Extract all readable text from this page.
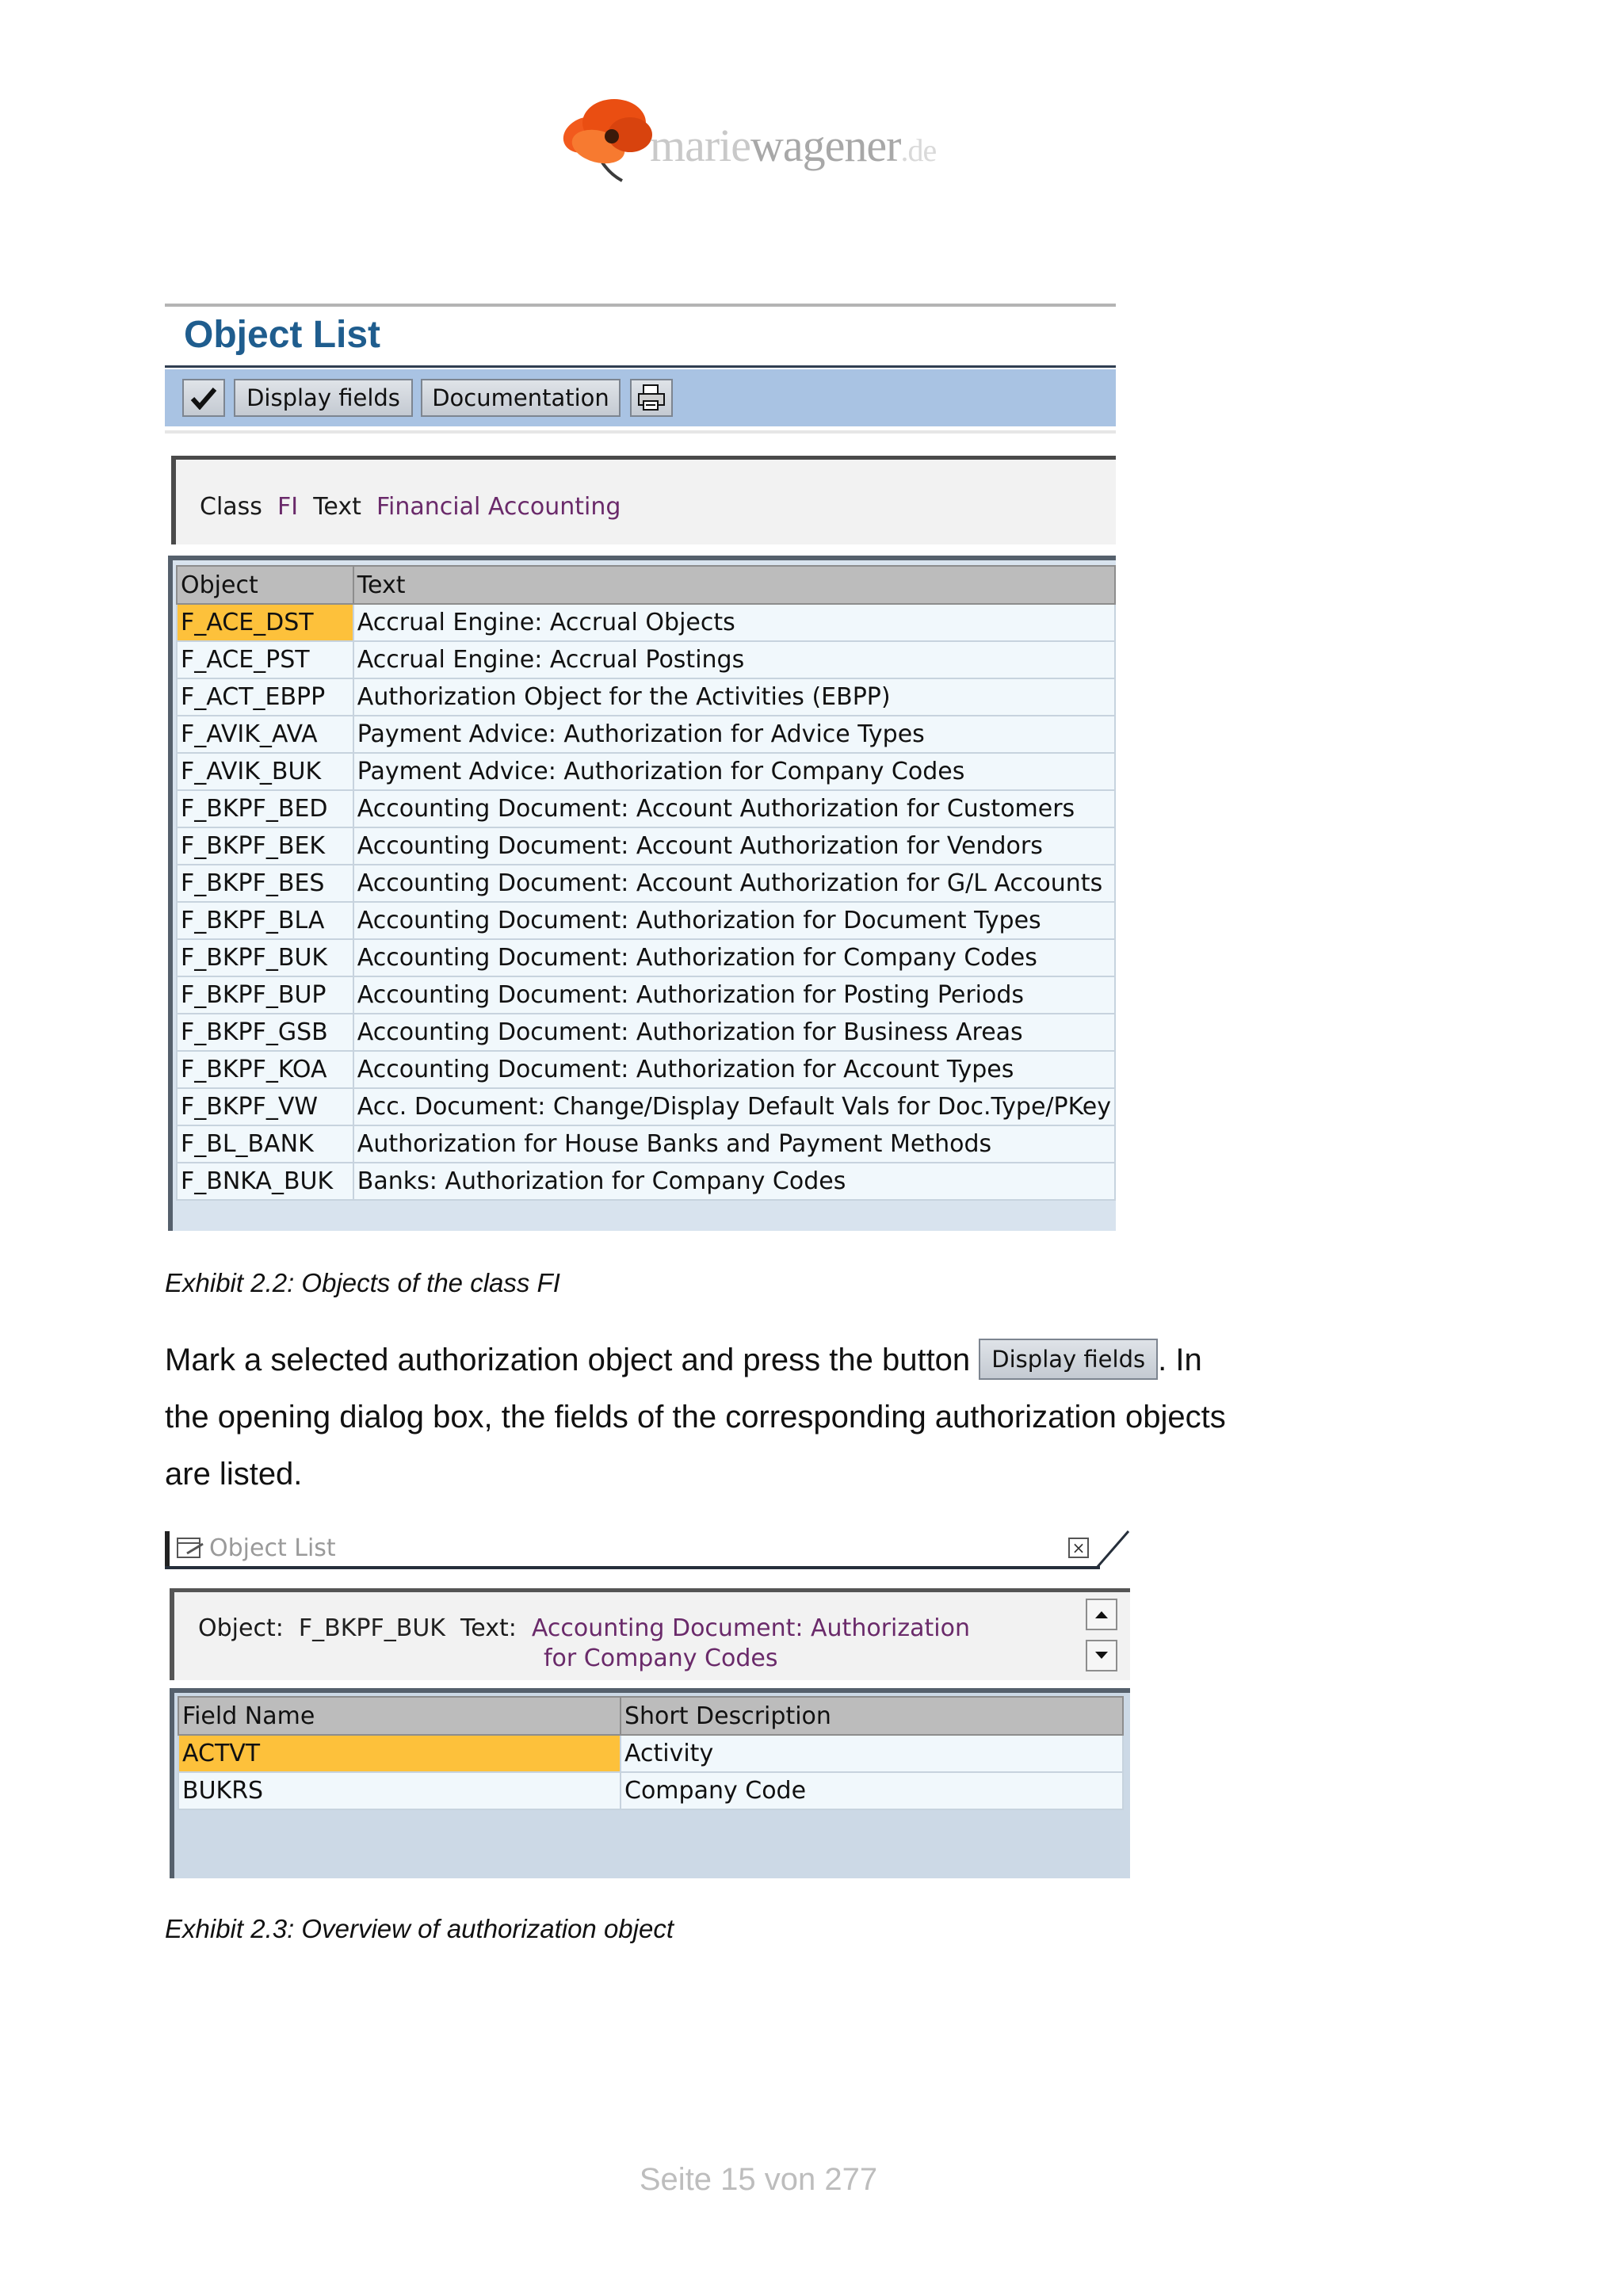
mariewagener.de
Object List
Display fields	Documentation
Class FI Text Financial Accounting
Object	Text
F_ACE_DST	Accrual Engine: Accrual Objects
F_ACE_PST	Accrual Engine: Accrual Postings
F_ACT_EBPP	Authorization Object for the Activities (EBPP)
F_AVIK_AVA	Payment Advice: Authorization for Advice Types
F_AVIK_BUK	Payment Advice: Authorization for Company Codes
F_BKPF_BED	Accounting Document: Account Authorization for Customers
F_BKPF_BEK	Accounting Document: Account Authorization for Vendors
F_BKPF_BES	Accounting Document: Account Authorization for G/L Accounts
F_BKPF_BLA	Accounting Document: Authorization for Document Types
F_BKPF_BUK	Accounting Document: Authorization for Company Codes
F_BKPF_BUP	Accounting Document: Authorization for Posting Periods
F_BKPF_GSB	Accounting Document: Authorization for Business Areas
F_BKPF_KOA	Accounting Document: Authorization for Account Types
F_BKPF_VW	Acc. Document: Change/Display Default Vals for Doc.Type/PKey
F_BL_BANK	Authorization for House Banks and Payment Methods
F_BNKA_BUK	Banks: Authorization for Company Codes
Exhibit 2.2: Objects of the class FI
Mark a selected authorization object and press the button Display fields . In the opening dialog box, the fields of the corresponding authorization objects are listed.
Object List	×
Object: F_BKPF_BUK Text: Accounting Document: Authorization
for Company Codes
Field Name	Short Description
ACTVT	Activity
BUKRS	Company Code
Exhibit 2.3: Overview of authorization object
Seite 15 von 277
